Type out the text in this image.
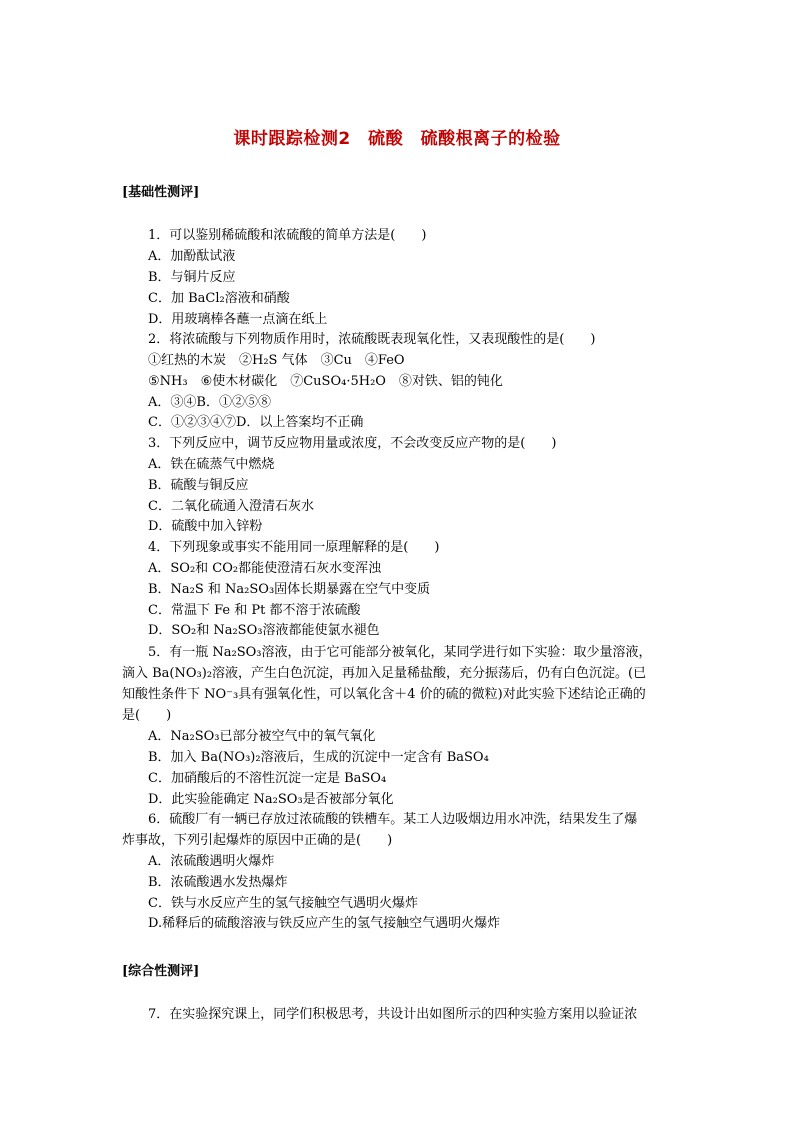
课时跟踪检测2　硫酸　硫酸根离子的检验
[基础性测评]
1．可以鉴别稀硫酸和浓硫酸的简单方法是(　　)
A．加酚酞试液
B．与铜片反应
C．加 BaCl₂溶液和硝酸
D．用玻璃棒各蘸一点滴在纸上
2．将浓硫酸与下列物质作用时，浓硫酸既表现氧化性，又表现酸性的是(　　)
①红热的木炭　②H₂S 气体　③Cu　④FeO
⑤NH₃　⑥使木材碳化　⑦CuSO₄·5H₂O　⑧对铁、铝的钝化
A．③④B．①②⑤⑧
C．①②③④⑦D．以上答案均不正确
3．下列反应中，调节反应物用量或浓度，不会改变反应产物的是(　　)
A．铁在硫蒸气中燃烧
B．硫酸与铜反应
C．二氧化硫通入澄清石灰水
D．硫酸中加入锌粉
4．下列现象或事实不能用同一原理解释的是(　　)
A．SO₂和 CO₂都能使澄清石灰水变浑浊
B．Na₂S 和 Na₂SO₃固体长期暴露在空气中变质
C．常温下 Fe 和 Pt 都不溶于浓硫酸
D．SO₂和 Na₂SO₃溶液都能使氯水褪色
5．有一瓶 Na₂SO₃溶液，由于它可能部分被氧化，某同学进行如下实验：取少量溶液，
滴入 Ba(NO₃)₂溶液，产生白色沉淀，再加入足量稀盐酸，充分振荡后，仍有白色沉淀。(已
知酸性条件下 NO⁻₃具有强氧化性，可以氧化含＋4 价的硫的微粒)对此实验下述结论正确的
是(　　)
A．Na₂SO₃已部分被空气中的氧气氧化
B．加入 Ba(NO₃)₂溶液后，生成的沉淀中一定含有 BaSO₄
C．加硝酸后的不溶性沉淀一定是 BaSO₄
D．此实验能确定 Na₂SO₃是否被部分氧化
6．硫酸厂有一辆已存放过浓硫酸的铁槽车。某工人边吸烟边用水冲洗，结果发生了爆
炸事故，下列引起爆炸的原因中正确的是(　　)
A．浓硫酸遇明火爆炸
B．浓硫酸遇水发热爆炸
C．铁与水反应产生的氢气接触空气遇明火爆炸
D.稀释后的硫酸溶液与铁反应产生的氢气接触空气遇明火爆炸
[综合性测评]
7．在实验探究课上，同学们积极思考，共设计出如图所示的四种实验方案用以验证浓
